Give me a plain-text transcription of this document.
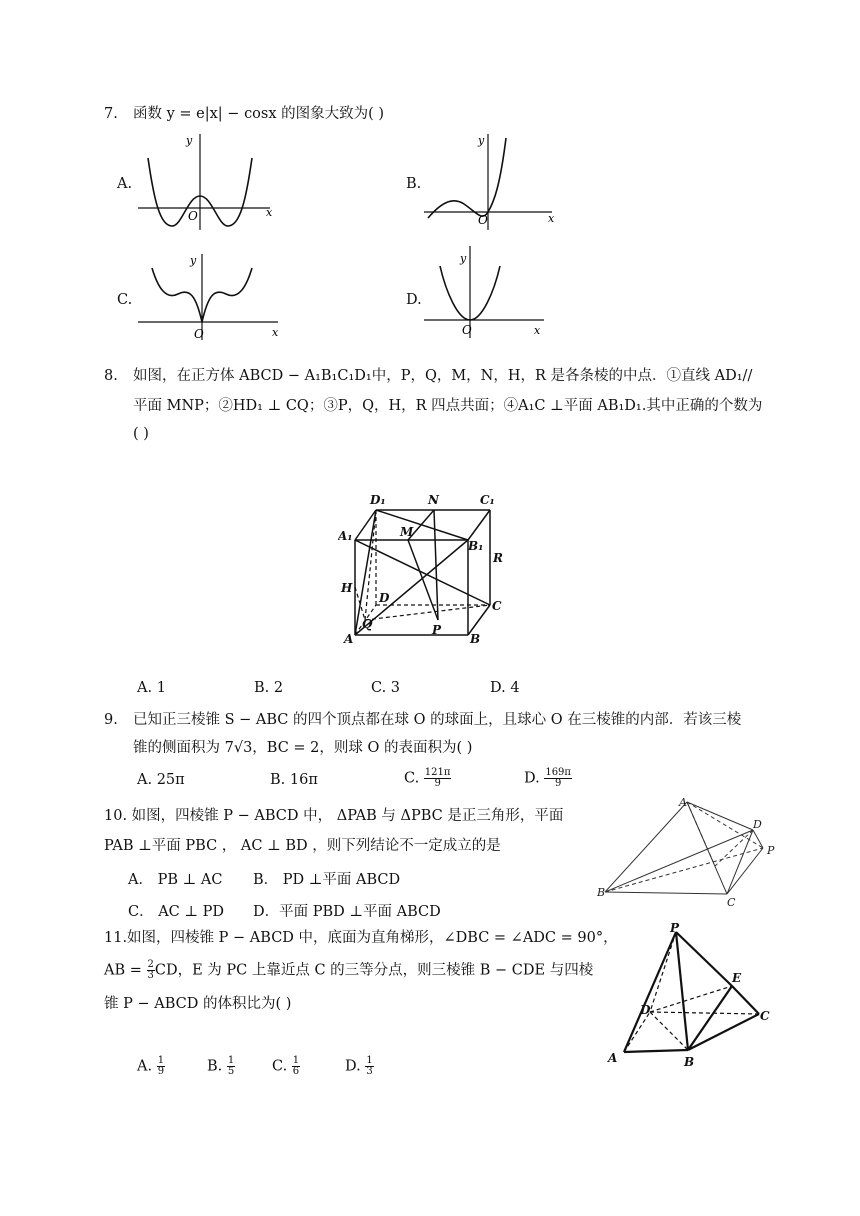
7. 函数 y = e|x| − cosx 的图象大致为( )
A.	B.
C.	D.
y
x
O
y
x
O
y
x
O
y
x
O
8. 如图，在正方体 ABCD − A₁B₁C₁D₁中，P，Q，M，N，H，R 是各条棱的中点．①直线 AD₁//
平面 MNP；②HD₁ ⊥ CQ；③P，Q，H，R 四点共面；④A₁C ⊥平面 AB₁D₁.其中正确的个数为
( )
D₁	N	C₁
A₁	M
B₁
R
H
D
C
Q	P
A	B
A. 1	B. 2	C. 3	D. 4
9. 已知正三棱锥 S − ABC 的四个顶点都在球 O 的球面上，且球心 O 在三棱锥的内部．若该三棱
锥的侧面积为 7√3，BC = 2，则球 O 的表面积为( )
A. 25π	B. 16π	C. $\frac{121\pi}{9}$	D. $\frac{169\pi}{9}$
10. 如图，四棱锥 P − ABCD 中， ΔPAB 与 ΔPBC 是正三角形，平面
PAB ⊥平面 PBC ， AC ⊥ BD ，则下列结论不一定成立的是
A． PB ⊥ AC B． PD ⊥平面 ABCD
C． AC ⊥ PD D．平面 PBD ⊥平面 ABCD
A
D
P
B
C
11.如图，四棱锥 P − ABCD 中，底面为直角梯形，∠DBC = ∠ADC = 90°，
AB = $\frac{2}{3}$ CD，E 为 PC 上靠近点 C 的三等分点，则三棱锥 B − CDE 与四棱
锥 P − ABCD 的体积比为( )
A. $\frac{1}{9}$	B. $\frac{1}{5}$	C. $\frac{1}{6}$	D. $\frac{1}{3}$
P
E
D	C
A	B
